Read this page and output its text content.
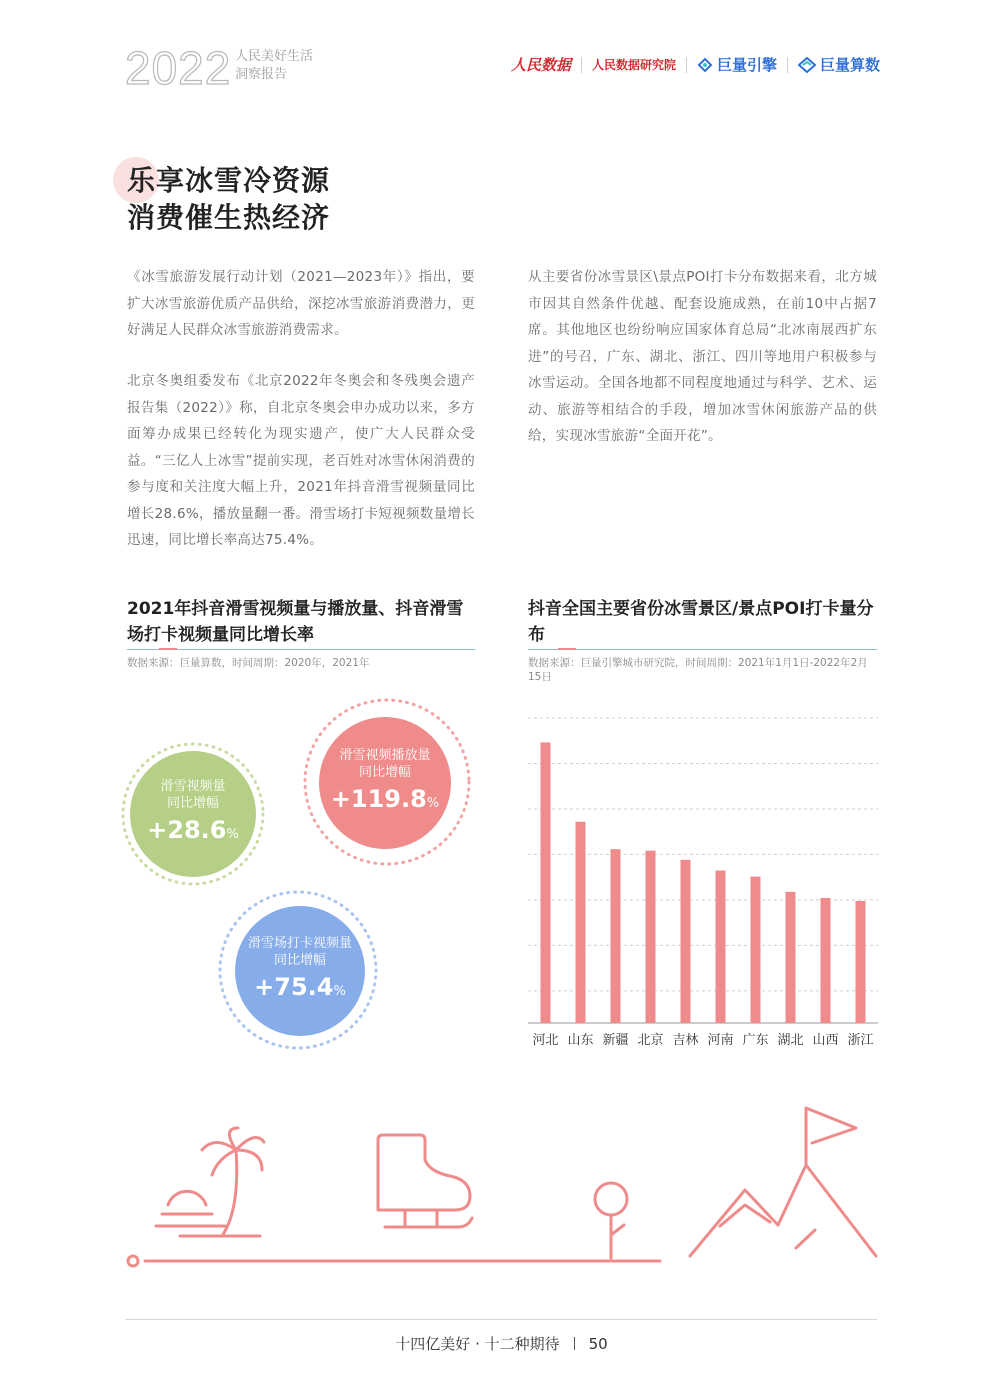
2022 人民美好生活
洞察报告
人民数据 人民数据研究院	巨量引擎	巨量算数
乐享冰雪冷资源
消费催生热经济
《冰雪旅游发展行动计划（2021—2023年）》指出，要扩大冰雪旅游优质产品供给，深挖冰雪旅游消费潜力，更好满足人民群众冰雪旅游消费需求。
北京冬奥组委发布《北京2022年冬奥会和冬残奥会遗产报告集（2022）》称，自北京冬奥会申办成功以来，多方面筹办成果已经转化为现实遗产，使广大人民群众受益。“三亿人上冰雪”提前实现，老百姓对冰雪休闲消费的参与度和关注度大幅上升，2021年抖音滑雪视频量同比增长28.6%，播放量翻一番。滑雪场打卡短视频数量增长迅速，同比增长率高达75.4%。
从主要省份冰雪景区\景点POI打卡分布数据来看，北方城市因其自然条件优越、配套设施成熟，在前10中占据7席。其他地区也纷纷响应国家体育总局“北冰南展西扩东进”的号召，广东、湖北、浙江、四川等地用户积极参与冰雪运动。全国各地都不同程度地通过与科学、艺术、运动、旅游等相结合的手段，增加冰雪休闲旅游产品的供给，实现冰雪旅游“全面开花”。
2021年抖音滑雪视频量与播放量、抖音滑雪场打卡视频量同比增长率
数据来源：巨量算数，时间周期：2020年，2021年
滑雪视频量
同比增幅
+28.6%
滑雪视频播放量
同比增幅
+119.8%
滑雪场打卡视频量
同比增幅
+75.4%
抖音全国主要省份冰雪景区/景点POI打卡量分布
数据来源：巨量引擎城市研究院，时间周期：2021年1月1日-2022年2月15日
河北 山东 新疆 北京 吉林 河南 广东 湖北 山西 浙江
十四亿美好 · 十二种期待 50
